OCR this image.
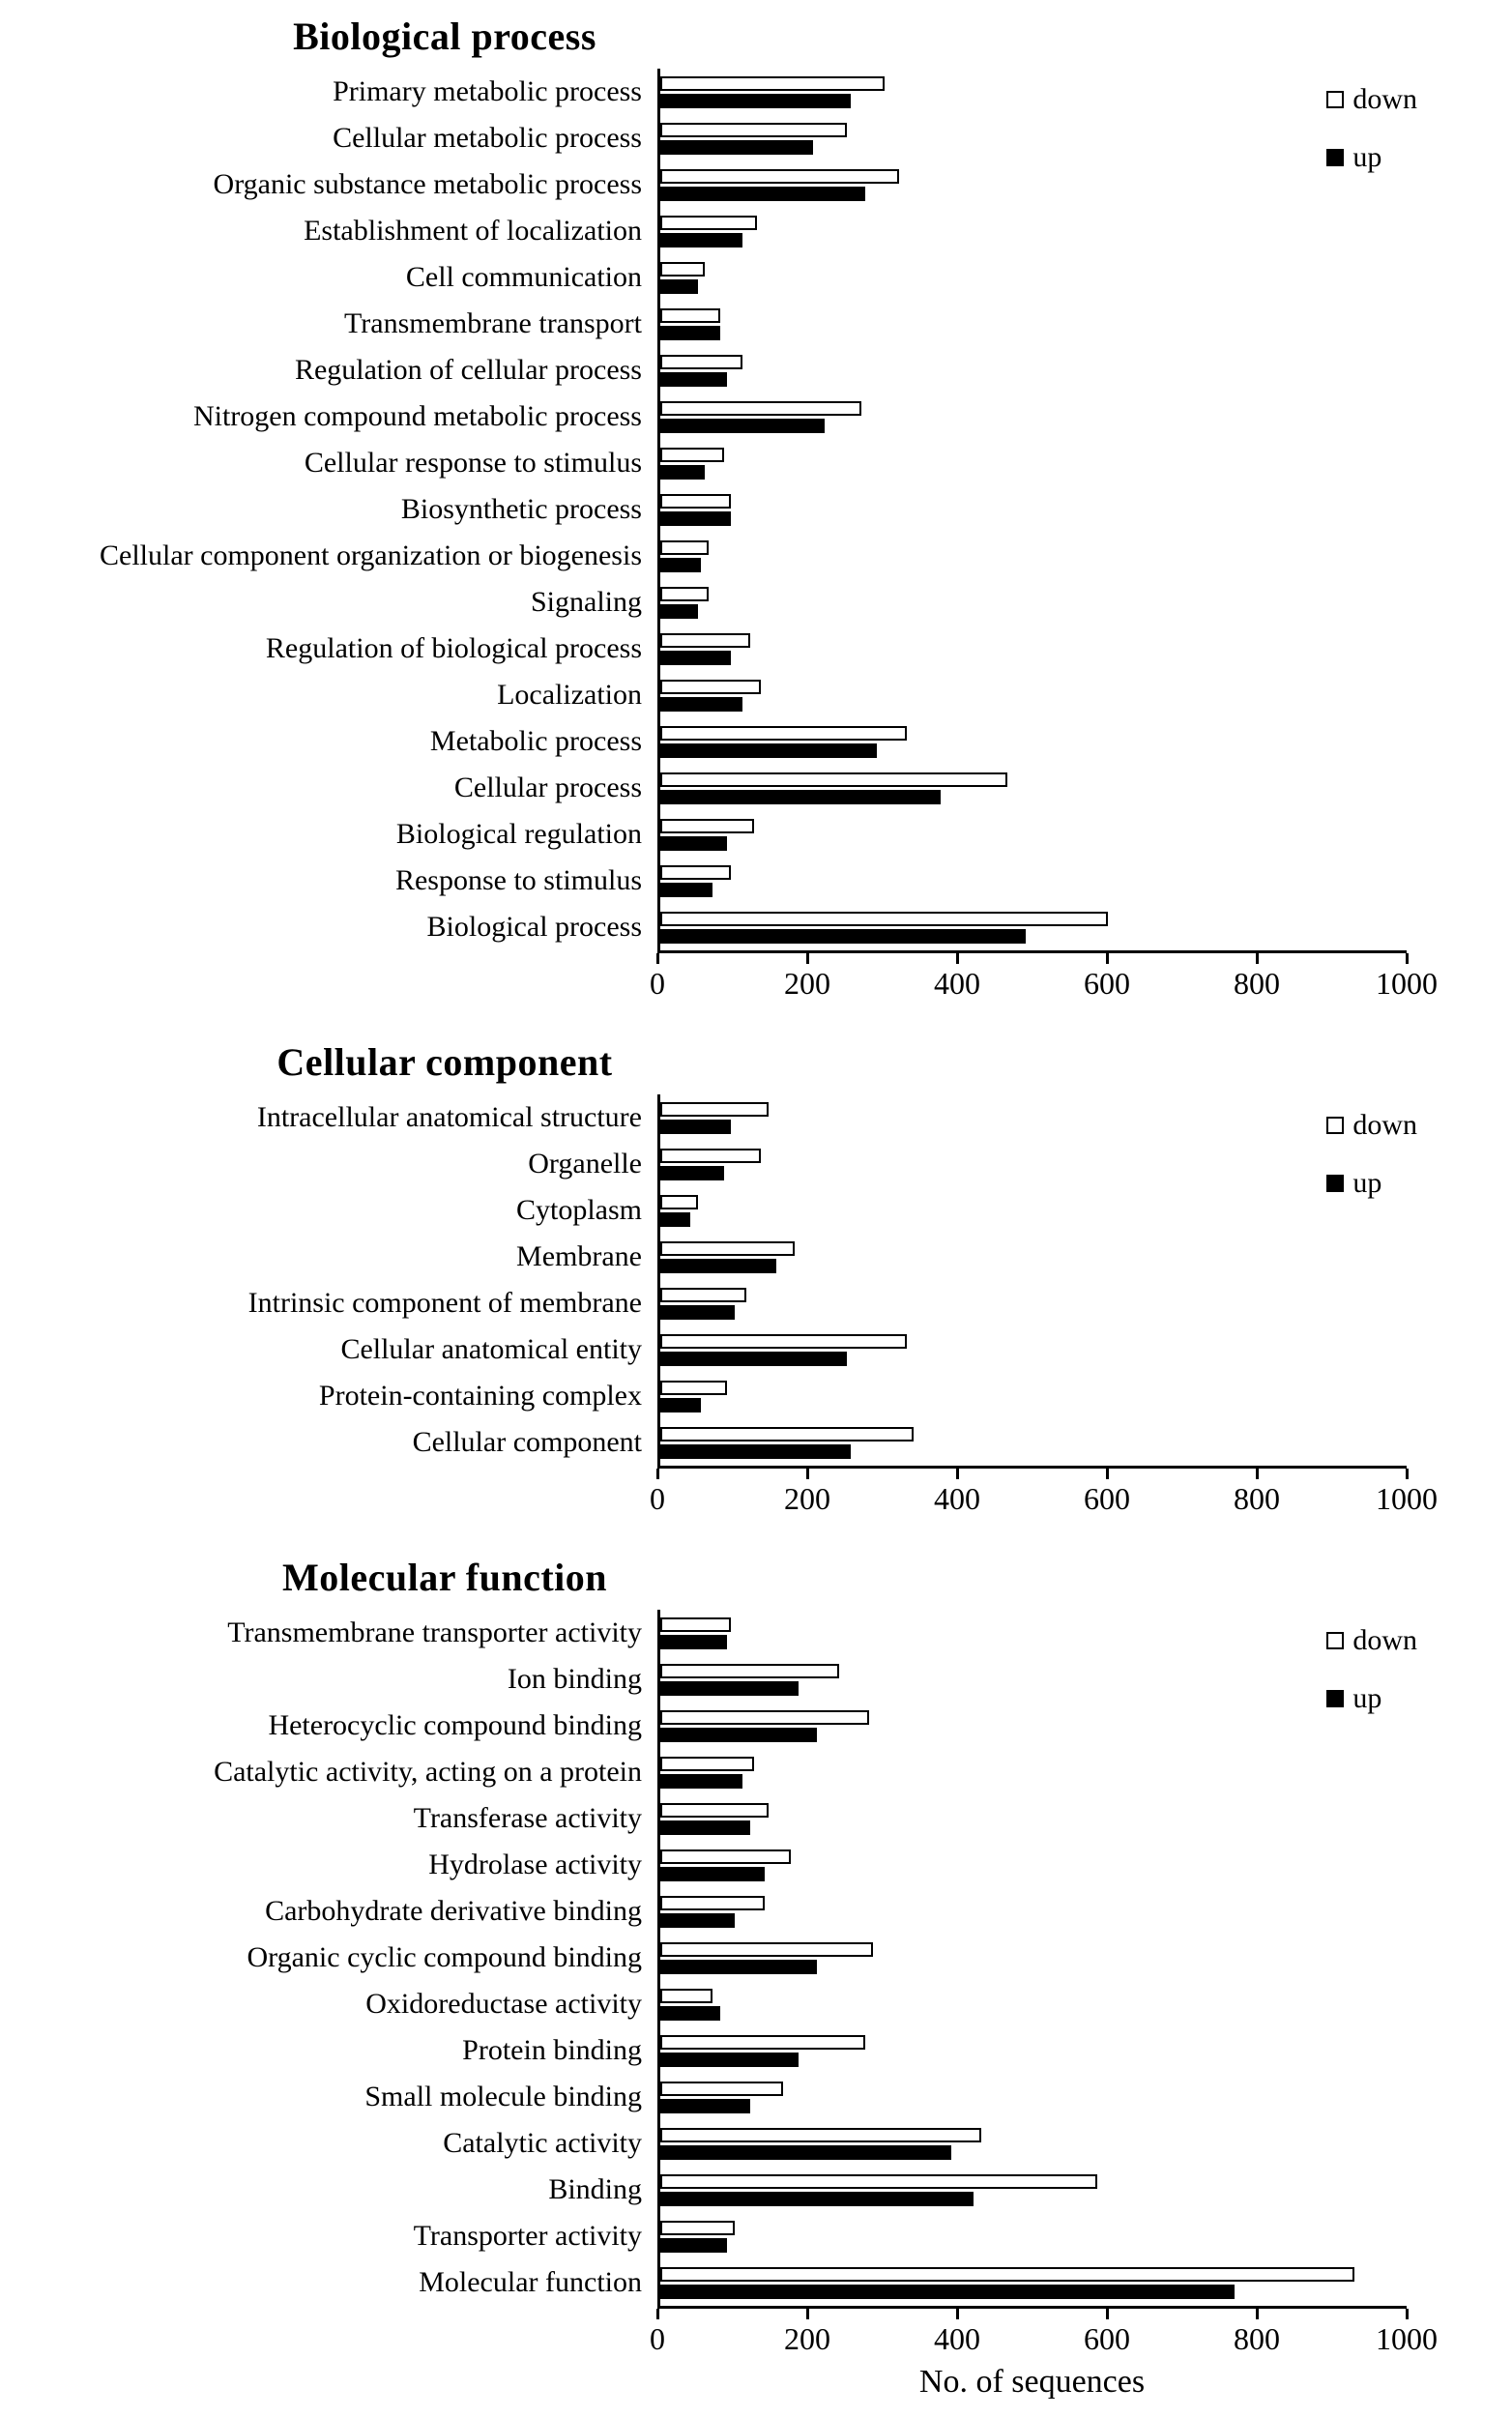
Biological process
Primary metabolic process
Cellular metabolic process
Organic substance metabolic process
Establishment of localization
Cell communication
Transmembrane transport
Regulation of cellular process
Nitrogen compound metabolic process
Cellular response to stimulus
Biosynthetic process
Cellular component organization or biogenesis
Signaling
Regulation of biological process
Localization
Metabolic process
Cellular process
Biological regulation
Response to stimulus
Biological process
0	200	400	600	800	1000
down
up
Cellular component
Intracellular anatomical structure
Organelle
Cytoplasm
Membrane
Intrinsic component of membrane
Cellular anatomical entity
Protein-containing complex
Cellular component
0	200	400	600	800	1000
down
up
Molecular function
Transmembrane transporter activity
Ion binding
Heterocyclic compound binding
Catalytic activity, acting on a protein
Transferase activity
Hydrolase activity
Carbohydrate derivative binding
Organic cyclic compound binding
Oxidoreductase activity
Protein binding
Small molecule binding
Catalytic activity
Binding
Transporter activity
Molecular function
0	200	400	600	800	1000
No. of sequences
down
up
